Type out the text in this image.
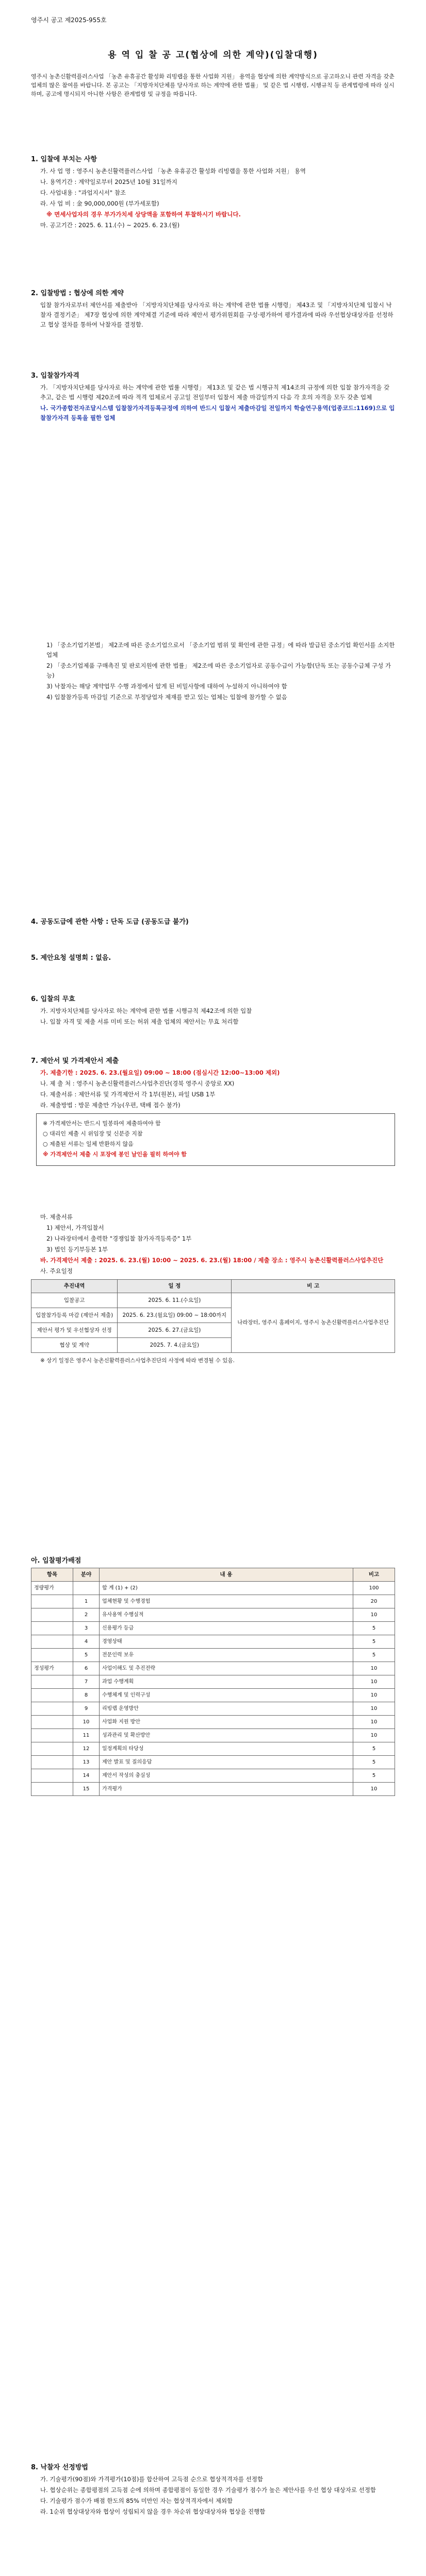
영주시 공고 제2025-955호
용 역 입 찰 공 고(협상에 의한 계약)(입찰대행)
영주시 농촌신활력플러스사업 「농촌 유휴공간 활성화 리빙랩을 통한 사업화 지원」 용역을 협상에 의한 계약방식으로 공고하오니 관련 자격을 갖춘 업체의 많은 참여를 바랍니다. 본 공고는 「지방자치단체를 당사자로 하는 계약에 관한 법률」 및 같은 법 시행령, 시행규칙 등 관계법령에 따라 실시하며, 공고에 명시되지 아니한 사항은 관계법령 및 규정을 따릅니다.
1. 입찰에 부치는 사항

가. 사 업 명 : 영주시 농촌신활력플러스사업 「농촌 유휴공간 활성화 리빙랩을 통한 사업화 지원」 용역

나. 용역기간 : 계약일로부터 2025년 10월 31일까지

다. 사업내용 : "과업지시서" 참조

라. 사 업 비 : 金 90,000,000원 (부가세포함)

※ 면세사업자의 경우 부가가치세 상당액을 포함하여 투찰하시기 바랍니다.

마. 공고기간 : 2025. 6. 11.(수) ~ 2025. 6. 23.(월)

2. 입찰방법 : 협상에 의한 계약

입찰 참가자로부터 제안서를 제출받아 「지방자치단체를 당사자로 하는 계약에 관한 법률 시행령」 제43조 및 「지방자치단체 입찰시 낙찰자 결정기준」 제7장 협상에 의한 계약체결 기준에 따라 제안서 평가위원회를 구성·평가하여 평가결과에 따라 우선협상대상자를 선정하고 협상 절차를 통하여 낙찰자를 결정함.

3. 입찰참가자격

가. 「지방자치단체를 당사자로 하는 계약에 관한 법률 시행령」 제13조 및 같은 법 시행규칙 제14조의 규정에 의한 입찰 참가자격을 갖추고, 같은 법 시행령 제20조에 따라 적격 업체로서 공고일 전일부터 입찰서 제출 마감일까지 다음 각 호의 자격을 모두 갖춘 업체

나. 국가종합전자조달시스템 입찰참가자격등록규정에 의하여 반드시 입찰서 제출마감일 전일까지 학술연구용역(업종코드:1169)으로 입찰참가자격 등록을 필한 업체

1) 「중소기업기본법」 제2조에 따른 중소기업으로서 「중소기업 범위 및 확인에 관한 규정」에 따라 발급된 중소기업 확인서를 소지한 업체

2) 「중소기업제품 구매촉진 및 판로지원에 관한 법률」 제2조에 따른 중소기업자로 공동수급이 가능함(단독 또는 공동수급체 구성 가능)

3) 낙찰자는 해당 계약업무 수행 과정에서 알게 된 비밀사항에 대하여 누설하지 아니하여야 함

4) 입찰참가등록 마감일 기준으로 부정당업자 제재를 받고 있는 업체는 입찰에 참가할 수 없음

4. 공동도급에 관한 사항 : 단독 도급 (공동도급 불가)
5. 제안요청 설명회 : 없음.
6. 입찰의 무효

가. 지방자치단체를 당사자로 하는 계약에 관한 법률 시행규칙 제42조에 의한 입찰

나. 입찰 자격 및 제출 서류 미비 또는 허위 제출 업체의 제안서는 무효 처리함

7. 제안서 및 가격제안서 제출

가. 제출기한 : 2025. 6. 23.(월요일) 09:00 ~ 18:00 (점심시간 12:00~13:00 제외)

나. 제 출 처 : 영주시 농촌신활력플러스사업추진단(경북 영주시 중앙로 XX)

다. 제출서류 : 제안서류 및 가격제안서 각 1부(원본), 파일 USB 1부

라. 제출방법 : 방문 제출만 가능(우편, 택배 접수 불가)

※ 가격제안서는 반드시 밀봉하여 제출하여야 함

○ 대리인 제출 시 위임장 및 신분증 지참

○ 제출된 서류는 일체 반환하지 않음

※ 가격제안서 제출 시 포장에 봉인 날인을 필히 하여야 함

마. 제출서류

1) 제안서, 가격입찰서

2) 나라장터에서 출력한 "경쟁입찰 참가자격등록증" 1부

3) 법인 등기부등본 1부

바. 가격제안서 제출 : 2025. 6. 23.(월) 10:00 ~ 2025. 6. 23.(월) 18:00 / 제출 장소 : 영주시 농촌신활력플러스사업추진단

사. 주요일정

추진내역	일 정	비 고
입찰공고	2025. 6. 11.(수요일)	나라장터, 영주시 홈페이지, 영주시 농촌신활력플러스사업추진단
입찰참가등록 마감 (제안서 제출)	2025. 6. 23.(월요일) 09:00 ~ 18:00까지	
제안서 평가 및 우선협상자 선정	2025. 6. 27.(금요일)	
협상 및 계약	2025. 7. 4.(금요일)	

※ 상기 일정은 영주시 농촌신활력플러스사업추진단의 사정에 따라 변경될 수 있음.

아. 입찰평가배점
항목	분야	내 용	비고
정량평가		합 계 (1) + (2)	100
	1	업체현황 및 수행경험	20
	2	유사용역 수행실적	10
	3	신용평가 등급	5
	4	경영상태	5
	5	전문인력 보유	5
정성평가	6	사업이해도 및 추진전략	10
	7	과업 수행계획	10
	8	수행체계 및 인력구성	10
	9	리빙랩 운영방안	10
	10	사업화 지원 방안	10
	11	성과관리 및 확산방안	10
	12	일정계획의 타당성	5
	13	제안 발표 및 질의응답	5
	14	제안서 작성의 충실성	5
	15	가격평가	10
8. 낙찰자 선정방법

가. 기술평가(90점)와 가격평가(10점)를 합산하여 고득점 순으로 협상적격자를 선정함

나. 협상순위는 종합평점의 고득점 순에 의하며 종합평점이 동일한 경우 기술평가 점수가 높은 제안사를 우선 협상 대상자로 선정함

다. 기술평가 점수가 배점 한도의 85% 미만인 자는 협상적격자에서 제외함

라. 1순위 협상대상자와 협상이 성립되지 않을 경우 차순위 협상대상자와 협상을 진행함
